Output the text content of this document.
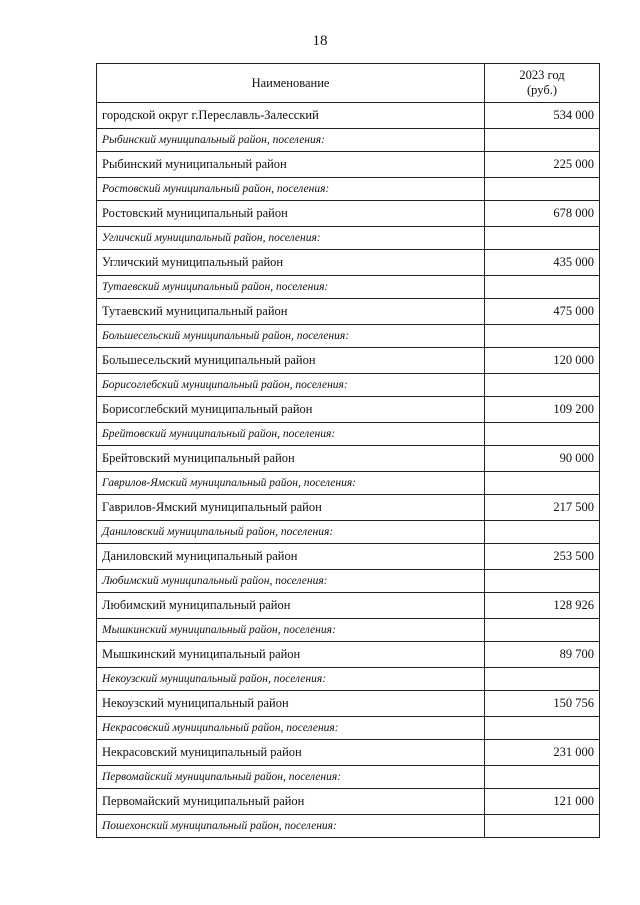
18
Наименование	2023 год
(руб.)

городской округ г.Переславль-Залесский	534 000
Рыбинский муниципальный район, поселения:	
Рыбинский муниципальный район	225 000
Ростовский муниципальный район, поселения:	
Ростовский муниципальный район	678 000
Угличский муниципальный район, поселения:	
Угличский муниципальный район	435 000
Тутаевский муниципальный район, поселения:	
Тутаевский муниципальный район	475 000
Большесельский муниципальный район, поселения:	
Большесельский муниципальный район	120 000
Борисоглебский муниципальный район, поселения:	
Борисоглебский муниципальный район	109 200
Брейтовский муниципальный район, поселения:	
Брейтовский муниципальный район	90 000
Гаврилов-Ямский муниципальный район, поселения:	
Гаврилов-Ямский муниципальный район	217 500
Даниловский муниципальный район, поселения:	
Даниловский муниципальный район	253 500
Любимский муниципальный район, поселения:	
Любимский муниципальный район	128 926
Мышкинский муниципальный район, поселения:	
Мышкинский муниципальный район	89 700
Некоузский муниципальный район, поселения:	
Некоузский муниципальный район	150 756
Некрасовский муниципальный район, поселения:	
Некрасовский муниципальный район	231 000
Первомайский муниципальный район, поселения:	
Первомайский муниципальный район	121 000
Пошехонский муниципальный район, поселения:	
